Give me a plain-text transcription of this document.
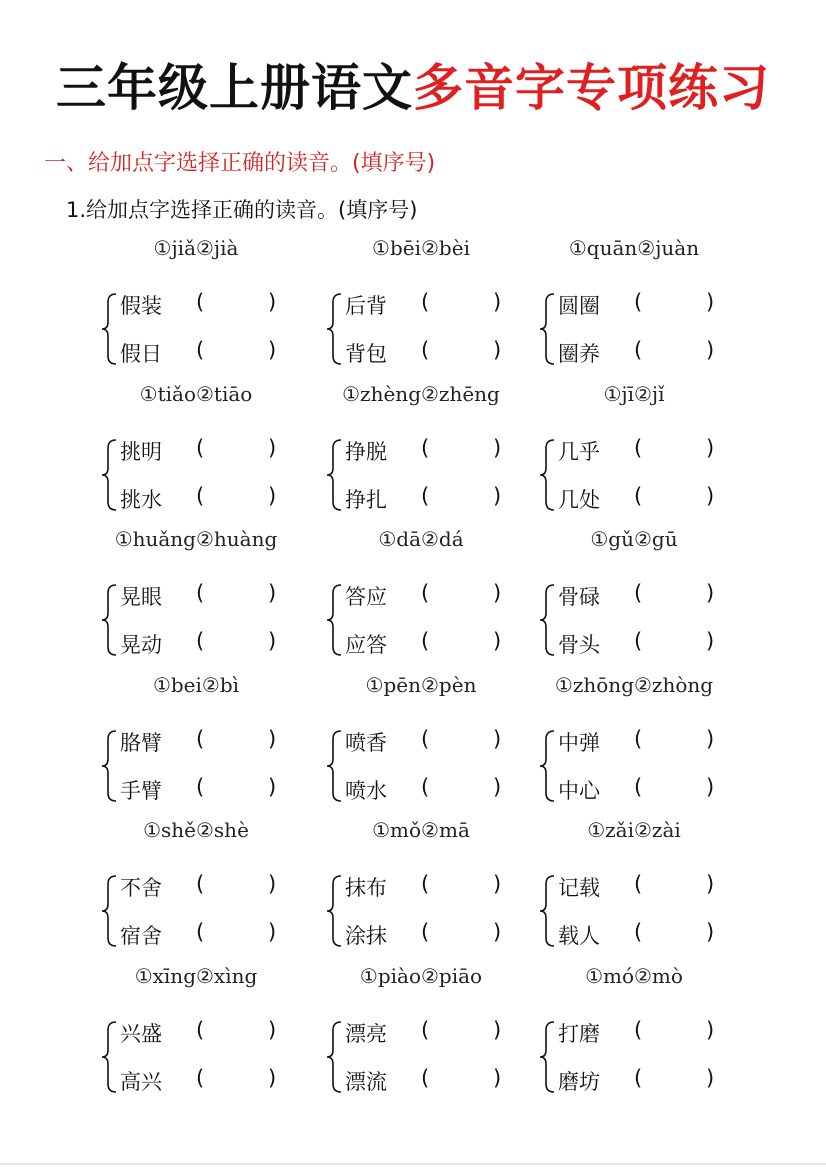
三年级上册语文多音字专项练习
一、给加点字选择正确的读音。(填序号)
1.给加点字选择正确的读音。(填序号)
①jiǎ②jià
假装 (	)
假日 (	)
①bēi②bèi
后背 (	)
背包 (	)
①quān②juàn
圆圈 (	)
圈养 (	)
①tiǎo②tiāo
挑明 (	)
挑水 (	)
①zhèng②zhēng
挣脱 (	)
挣扎 (	)
①jī②jǐ
几乎 (	)
几处 (	)
①huǎng②huàng
晃眼 (	)
晃动 (	)
①dā②dá
答应 (	)
应答 (	)
①gǔ②gū
骨碌 (	)
骨头 (	)
①bei②bì
胳臂 (	)
手臂 (	)
①pēn②pèn
喷香 (	)
喷水 (	)
①zhōng②zhòng
中弹 (	)
中心 (	)
①shě②shè
不舍 (	)
宿舍 (	)
①mǒ②mā
抹布 (	)
涂抹 (	)
①zǎi②zài
记载 (	)
载人 (	)
①xīng②xìng
兴盛 (	)
高兴 (	)
①piào②piāo
漂亮 (	)
漂流 (	)
①mó②mò
打磨 (	)
磨坊 (	)
